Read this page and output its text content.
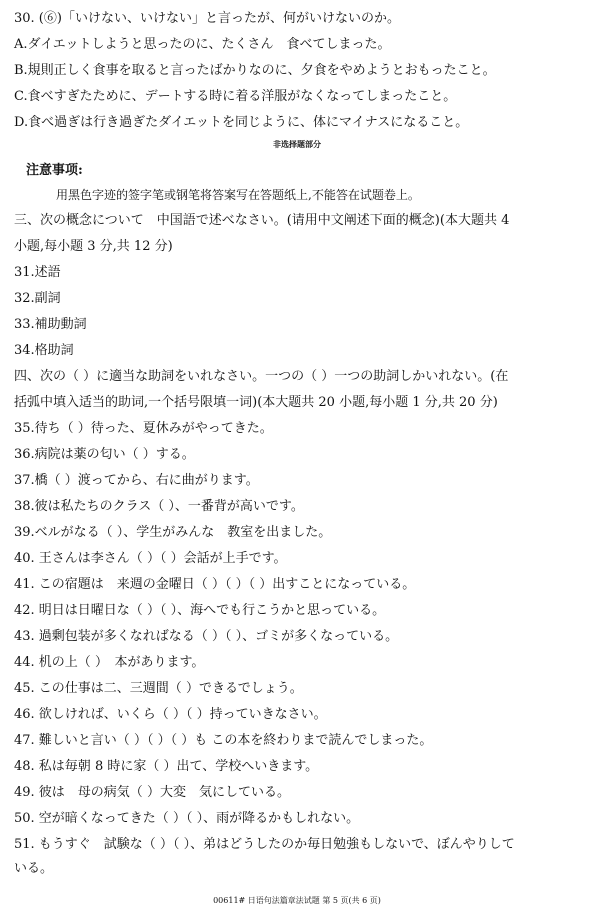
30. (⑥)「いけない、いけない」と言ったが、何がいけないのか。
A.ダイエットしようと思ったのに、たくさん　食べてしまった。
B.規則正しく食事を取ると言ったばかりなのに、夕食をやめようとおもったこと。
C.食べすぎたために、デートする時に着る洋服がなくなってしまったこと。
D.食べ過ぎは行き過ぎたダイエットを同じように、体にマイナスになること。
非选择题部分
注意事项:
用黑色字迹的签字笔或钢笔将答案写在答题纸上,不能答在试题卷上。
三、次の概念について　中国語で述べなさい。(请用中文阐述下面的概念)(本大题共 4
小题,每小题 3 分,共 12 分)
31.述語
32.副詞
33.補助動詞
34.格助詞
四、次の（ ）に適当な助詞をいれなさい。一つの（ ）一つの助詞しかいれない。(在
括弧中填入适当的助词,一个括号限填一词)(本大题共 20 小题,每小题 1 分,共 20 分)
35.待ち（ ）待った、夏休みがやってきた。
36.病院は薬の匂い（ ）する。
37.橋（ ）渡ってから、右に曲がります。
38.彼は私たちのクラス（ ）、一番背が高いです。
39.ベルがなる（ ）、学生がみんな　教室を出ました。
40. 王さんは李さん（ ）（ ）会話が上手です。
41. この宿題は　来週の金曜日（ ）（ ）（ ）出すことになっている。
42. 明日は日曜日な（ ）（ ）、海へでも行こうかと思っている。
43. 過剰包装が多くなればなる（ ）（ ）、ゴミが多くなっている。
44. 机の上（ ）　本があります。
45. この仕事は二、三週間（ ）できるでしょう。
46. 欲しければ、いくら（ ）（ ）持っていきなさい。
47. 難しいと言い（ ）（ ）（ ）も この本を終わりまで読んでしまった。
48. 私は毎朝 8 時に家（ ）出て、学校へいきます。
49. 彼は　母の病気（ ）大変　気にしている。
50. 空が暗くなってきた（ ）（ ）、雨が降るかもしれない。
51. もうすぐ　試験な（ ）（ ）、弟はどうしたのか毎日勉強もしないで、ぼんやりして
いる。
00611# 日语句法篇章法试题 第 5 页(共 6 页)
